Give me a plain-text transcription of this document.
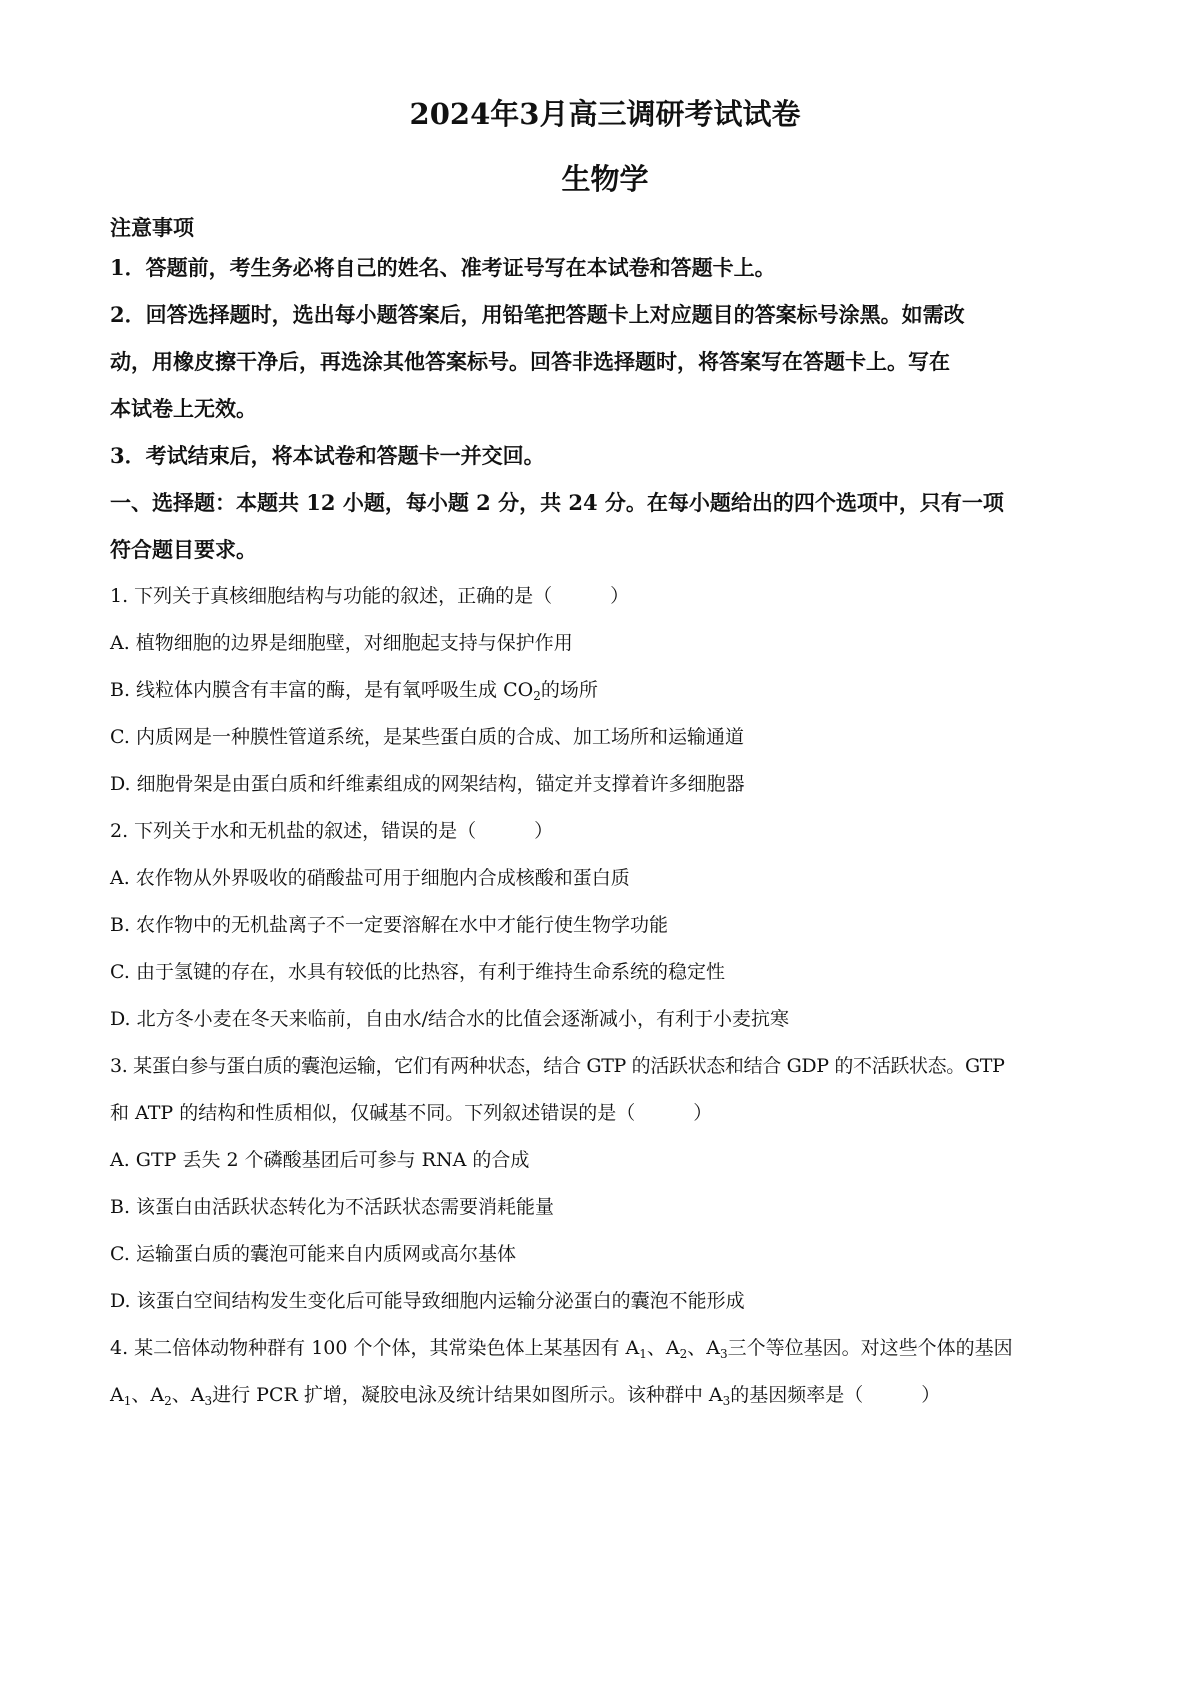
2024年3月高三调研考试试卷
生物学
注意事项
1．答题前，考生务必将自己的姓名、准考证号写在本试卷和答题卡上。
2．回答选择题时，选出每小题答案后，用铅笔把答题卡上对应题目的答案标号涂黑。如需改
动，用橡皮擦干净后，再选涂其他答案标号。回答非选择题时，将答案写在答题卡上。写在
本试卷上无效。
3．考试结束后，将本试卷和答题卡一并交回。
一、选择题：本题共 12 小题，每小题 2 分，共 24 分。在每小题给出的四个选项中，只有一项
符合题目要求。
1. 下列关于真核细胞结构与功能的叙述，正确的是（	）
A. 植物细胞的边界是细胞壁，对细胞起支持与保护作用
B. 线粒体内膜含有丰富的酶，是有氧呼吸生成 $CO_2$的场所
C. 内质网是一种膜性管道系统，是某些蛋白质的合成、加工场所和运输通道
D. 细胞骨架是由蛋白质和纤维素组成的网架结构，锚定并支撑着许多细胞器
2. 下列关于水和无机盐的叙述，错误的是（	）
A. 农作物从外界吸收的硝酸盐可用于细胞内合成核酸和蛋白质
B. 农作物中的无机盐离子不一定要溶解在水中才能行使生物学功能
C. 由于氢键的存在，水具有较低的比热容，有利于维持生命系统的稳定性
D. 北方冬小麦在冬天来临前，自由水/结合水的比值会逐渐减小，有利于小麦抗寒
3. 某蛋白参与蛋白质的囊泡运输，它们有两种状态，结合 GTP 的活跃状态和结合 GDP 的不活跃状态。GTP
和 ATP 的结构和性质相似，仅碱基不同。下列叙述错误的是（	）
A. GTP 丢失 2 个磷酸基团后可参与 RNA 的合成
B. 该蛋白由活跃状态转化为不活跃状态需要消耗能量
C. 运输蛋白质的囊泡可能来自内质网或高尔基体
D. 该蛋白空间结构发生变化后可能导致细胞内运输分泌蛋白的囊泡不能形成
4. 某二倍体动物种群有 100 个个体，其常染色体上某基因有 $A_1$、$A_2$、$A_3$三个等位基因。对这些个体的基因
$A_1$、$A_2$、$A_3$进行 PCR 扩增，凝胶电泳及统计结果如图所示。该种群中 $A_3$的基因频率是（	）
